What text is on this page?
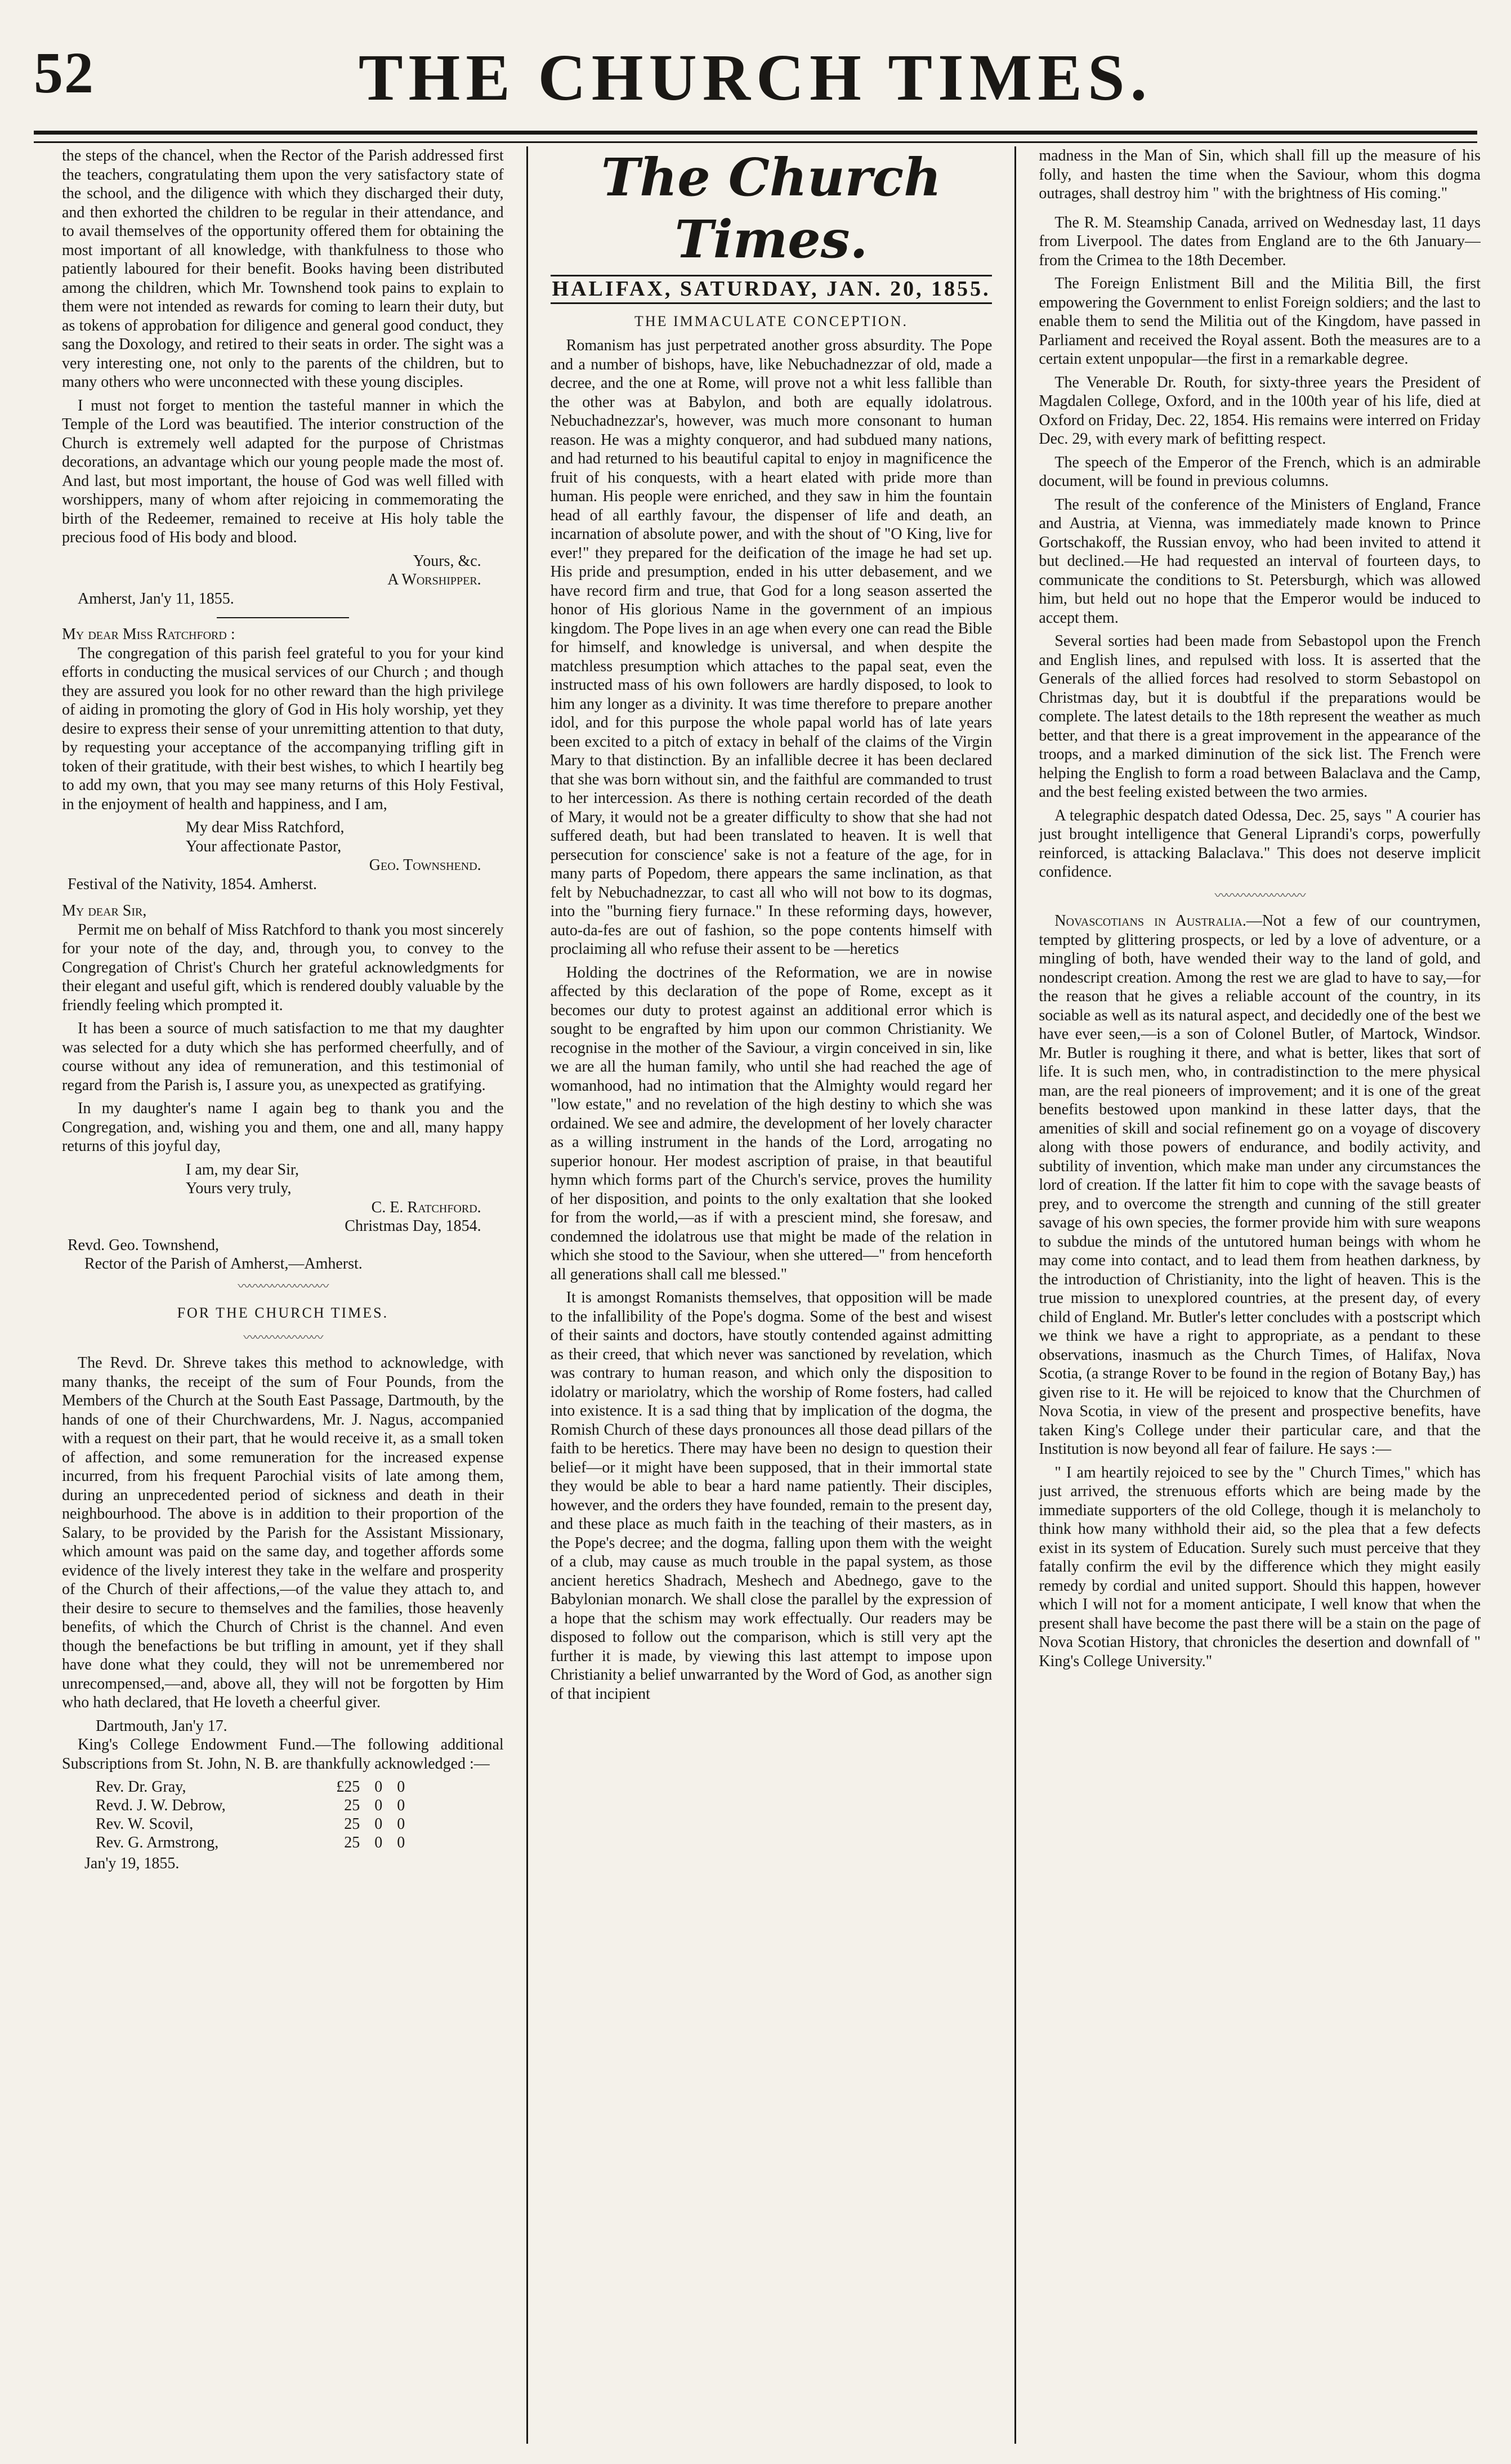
52	THE CHURCH TIMES.

the steps of the chancel, when the Rector of the Parish addressed first the teachers, congratulating them upon the very satisfactory state of the school, and the diligence with which they discharged their duty, and then exhorted the children to be regular in their attendance, and to avail themselves of the opportunity offered them for obtaining the most important of all knowledge, with thankfulness to those who patiently laboured for their benefit. Books having been distributed among the children, which Mr. Townshend took pains to explain to them were not intended as rewards for coming to learn their duty, but as tokens of approbation for diligence and general good conduct, they sang the Doxology, and retired to their seats in order. The sight was a very interesting one, not only to the parents of the children, but to many others who were unconnected with these young disciples.

I must not forget to mention the tasteful manner in which the Temple of the Lord was beautified. The interior construction of the Church is extremely well adapted for the purpose of Christmas decorations, an advantage which our young people made the most of. And last, but most important, the house of God was well filled with worshippers, many of whom after rejoicing in commemorating the birth of the Redeemer, remained to receive at His holy table the precious food of His body and blood.

Yours, &c.
A Worshipper.
Amherst, Jan'y 11, 1855.
My dear Miss Ratchford :

The congregation of this parish feel grateful to you for your kind efforts in conducting the musical services of our Church ; and though they are assured you look for no other reward than the high privilege of aiding in promoting the glory of God in His holy worship, yet they desire to express their sense of your unremitting attention to that duty, by requesting your acceptance of the accompanying trifling gift in token of their gratitude, with their best wishes, to which I heartily beg to add my own, that you may see many returns of this Holy Festival, in the enjoyment of health and happiness, and I am,

My dear Miss Ratchford,
Your affectionate Pastor,
Geo. Townshend.
Festival of the Nativity, 1854. Amherst.
My dear Sir,

Permit me on behalf of Miss Ratchford to thank you most sincerely for your note of the day, and, through you, to convey to the Congregation of Christ's Church her grateful acknowledgments for their elegant and useful gift, which is rendered doubly valuable by the friendly feeling which prompted it.

It has been a source of much satisfaction to me that my daughter was selected for a duty which she has performed cheerfully, and of course without any idea of remuneration, and this testimonial of regard from the Parish is, I assure you, as unexpected as gratifying.

In my daughter's name I again beg to thank you and the Congregation, and, wishing you and them, one and all, many happy returns of this joyful day,

I am, my dear Sir,
Yours very truly,
C. E. Ratchford.
Christmas Day, 1854.
Revd. Geo. Townshend,
Rector of the Parish of Amherst,—Amherst.
〰〰〰〰〰〰〰〰
FOR THE CHURCH TIMES.
〰〰〰〰〰〰〰

The Revd. Dr. Shreve takes this method to acknowledge, with many thanks, the receipt of the sum of Four Pounds, from the Members of the Church at the South East Passage, Dartmouth, by the hands of one of their Churchwardens, Mr. J. Nagus, accompanied with a request on their part, that he would receive it, as a small token of affection, and some remuneration for the increased expense incurred, from his frequent Parochial visits of late among them, during an unprecedented period of sickness and death in their neighbourhood. The above is in addition to their proportion of the Salary, to be provided by the Parish for the Assistant Missionary, which amount was paid on the same day, and together affords some evidence of the lively interest they take in the welfare and prosperity of the Church of their affections,—of the value they attach to, and their desire to secure to themselves and the families, those heavenly benefits, of which the Church of Christ is the channel. And even though the benefactions be but trifling in amount, yet if they shall have done what they could, they will not be unremembered nor unrecompensed,—and, above all, they will not be forgotten by Him who hath declared, that He loveth a cheerful giver.

Dartmouth, Jan'y 17.

King's College Endowment Fund.—The following additional Subscriptions from St. John, N. B. are thankfully acknowledged :—

Rev. Dr. Gray,	£25	0	0
Revd. J. W. Debrow,	25	0	0
Rev. W. Scovil,	25	0	0
Rev. G. Armstrong,	25	0	0
Jan'y 19, 1855.
The Church Times.
HALIFAX, SATURDAY, JAN. 20, 1855.
THE IMMACULATE CONCEPTION.

Romanism has just perpetrated another gross absurdity. The Pope and a number of bishops, have, like Nebuchadnezzar of old, made a decree, and the one at Rome, will prove not a whit less fallible than the other was at Babylon, and both are equally idolatrous. Nebuchadnezzar's, however, was much more consonant to human reason. He was a mighty conqueror, and had subdued many nations, and had returned to his beautiful capital to enjoy in magnificence the fruit of his conquests, with a heart elated with pride more than human. His people were enriched, and they saw in him the fountain head of all earthly favour, the dispenser of life and death, an incarnation of absolute power, and with the shout of "O King, live for ever!" they prepared for the deification of the image he had set up. His pride and presumption, ended in his utter debasement, and we have record firm and true, that God for a long season asserted the honor of His glorious Name in the government of an impious kingdom. The Pope lives in an age when every one can read the Bible for himself, and knowledge is universal, and when despite the matchless presumption which attaches to the papal seat, even the instructed mass of his own followers are hardly disposed, to look to him any longer as a divinity. It was time therefore to prepare another idol, and for this purpose the whole papal world has of late years been excited to a pitch of extacy in behalf of the claims of the Virgin Mary to that distinction. By an infallible decree it has been declared that she was born without sin, and the faithful are commanded to trust to her intercession. As there is nothing certain recorded of the death of Mary, it would not be a greater difficulty to show that she had not suffered death, but had been translated to heaven. It is well that persecution for conscience' sake is not a feature of the age, for in many parts of Popedom, there appears the same inclination, as that felt by Nebuchadnezzar, to cast all who will not bow to its dogmas, into the "burning fiery furnace." In these reforming days, however, auto-da-fes are out of fashion, so the pope contents himself with proclaiming all who refuse their assent to be —heretics

Holding the doctrines of the Reformation, we are in nowise affected by this declaration of the pope of Rome, except as it becomes our duty to protest against an additional error which is sought to be engrafted by him upon our common Christianity. We recognise in the mother of the Saviour, a virgin conceived in sin, like we are all the human family, who until she had reached the age of womanhood, had no intimation that the Almighty would regard her "low estate," and no revelation of the high destiny to which she was ordained. We see and admire, the development of her lovely character as a willing instrument in the hands of the Lord, arrogating no superior honour. Her modest ascription of praise, in that beautiful hymn which forms part of the Church's service, proves the humility of her disposition, and points to the only exaltation that she looked for from the world,—as if with a prescient mind, she foresaw, and condemned the idolatrous use that might be made of the relation in which she stood to the Saviour, when she uttered—" from henceforth all generations shall call me blessed."

It is amongst Romanists themselves, that opposition will be made to the infallibility of the Pope's dogma. Some of the best and wisest of their saints and doctors, have stoutly contended against admitting as their creed, that which never was sanctioned by revelation, which was contrary to human reason, and which only the disposition to idolatry or mariolatry, which the worship of Rome fosters, had called into existence. It is a sad thing that by implication of the dogma, the Romish Church of these days pronounces all those dead pillars of the faith to be heretics. There may have been no design to question their belief—or it might have been supposed, that in their immortal state they would be able to bear a hard name patiently. Their disciples, however, and the orders they have founded, remain to the present day, and these place as much faith in the teaching of their masters, as in the Pope's decree; and the dogma, falling upon them with the weight of a club, may cause as much trouble in the papal system, as those ancient heretics Shadrach, Meshech and Abednego, gave to the Babylonian monarch. We shall close the parallel by the expression of a hope that the schism may work effectually. Our readers may be disposed to follow out the comparison, which is still very apt the further it is made, by viewing this last attempt to impose upon Christianity a belief unwarranted by the Word of God, as another sign of that incipient

madness in the Man of Sin, which shall fill up the measure of his folly, and hasten the time when the Saviour, whom this dogma outrages, shall destroy him " with the brightness of His coming."

The R. M. Steamship Canada, arrived on Wednesday last, 11 days from Liverpool. The dates from England are to the 6th January—from the Crimea to the 18th December.

The Foreign Enlistment Bill and the Militia Bill, the first empowering the Government to enlist Foreign soldiers; and the last to enable them to send the Militia out of the Kingdom, have passed in Parliament and received the Royal assent. Both the measures are to a certain extent unpopular—the first in a remarkable degree.

The Venerable Dr. Routh, for sixty-three years the President of Magdalen College, Oxford, and in the 100th year of his life, died at Oxford on Friday, Dec. 22, 1854. His remains were interred on Friday Dec. 29, with every mark of befitting respect.

The speech of the Emperor of the French, which is an admirable document, will be found in previous columns.

The result of the conference of the Ministers of England, France and Austria, at Vienna, was immediately made known to Prince Gortschakoff, the Russian envoy, who had been invited to attend it but declined.—He had requested an interval of fourteen days, to communicate the conditions to St. Petersburgh, which was allowed him, but held out no hope that the Emperor would be induced to accept them.

Several sorties had been made from Sebastopol upon the French and English lines, and repulsed with loss. It is asserted that the Generals of the allied forces had resolved to storm Sebastopol on Christmas day, but it is doubtful if the preparations would be complete. The latest details to the 18th represent the weather as much better, and that there is a great improvement in the appearance of the troops, and a marked diminution of the sick list. The French were helping the English to form a road between Balaclava and the Camp, and the best feeling existed between the two armies.

A telegraphic despatch dated Odessa, Dec. 25, says " A courier has just brought intelligence that General Liprandi's corps, powerfully reinforced, is attacking Balaclava." This does not deserve implicit confidence.

〰〰〰〰〰〰〰〰

Novascotians in Australia.—Not a few of our countrymen, tempted by glittering prospects, or led by a love of adventure, or a mingling of both, have wended their way to the land of gold, and nondescript creation. Among the rest we are glad to have to say,—for the reason that he gives a reliable account of the country, in its sociable as well as its natural aspect, and decidedly one of the best we have ever seen,—is a son of Colonel Butler, of Martock, Windsor. Mr. Butler is roughing it there, and what is better, likes that sort of life. It is such men, who, in contradistinction to the mere physical man, are the real pioneers of improvement; and it is one of the great benefits bestowed upon mankind in these latter days, that the amenities of skill and social refinement go on a voyage of discovery along with those powers of endurance, and bodily activity, and subtility of invention, which make man under any circumstances the lord of creation. If the latter fit him to cope with the savage beasts of prey, and to overcome the strength and cunning of the still greater savage of his own species, the former provide him with sure weapons to subdue the minds of the untutored human beings with whom he may come into contact, and to lead them from heathen darkness, by the introduction of Christianity, into the light of heaven. This is the true mission to unexplored countries, at the present day, of every child of England. Mr. Butler's letter concludes with a postscript which we think we have a right to appropriate, as a pendant to these observations, inasmuch as the Church Times, of Halifax, Nova Scotia, (a strange Rover to be found in the region of Botany Bay,) has given rise to it. He will be rejoiced to know that the Churchmen of Nova Scotia, in view of the present and prospective benefits, have taken King's College under their particular care, and that the Institution is now beyond all fear of failure. He says :—

" I am heartily rejoiced to see by the " Church Times," which has just arrived, the strenuous efforts which are being made by the immediate supporters of the old College, though it is melancholy to think how many withhold their aid, so the plea that a few defects exist in its system of Education. Surely such must perceive that they fatally confirm the evil by the difference which they might easily remedy by cordial and united support. Should this happen, however which I will not for a moment anticipate, I well know that when the present shall have become the past there will be a stain on the page of Nova Scotian History, that chronicles the desertion and downfall of " King's College University."
